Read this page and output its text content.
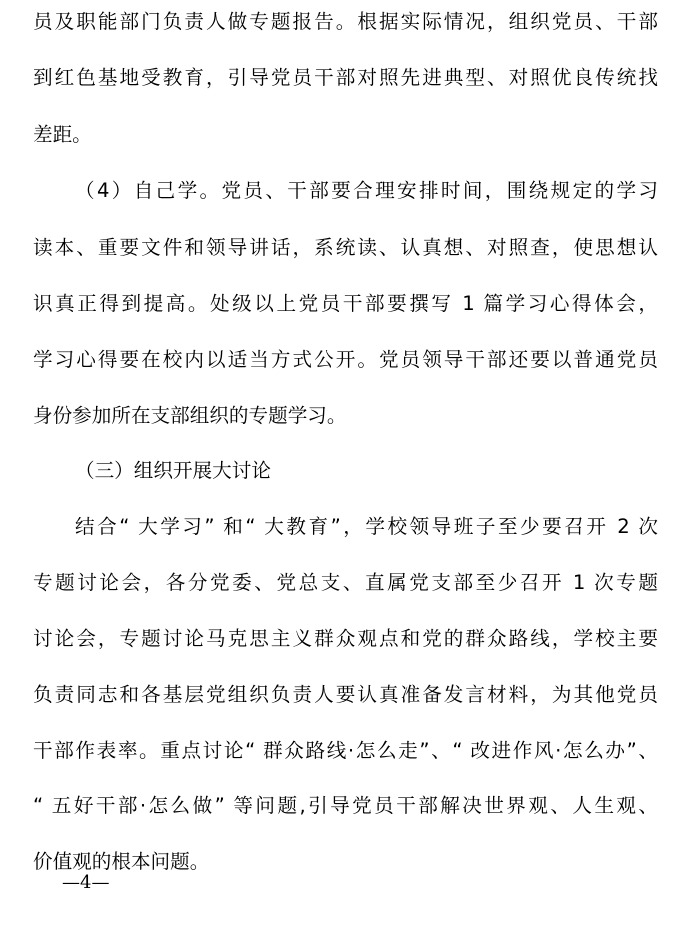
员及职能部门负责人做专题报告。根据实际情况，组织党员、干部
到红色基地受教育，引导党员干部对照先进典型、对照优良传统找
差距。
（4）自己学。党员、干部要合理安排时间，围绕规定的学习
读本、重要文件和领导讲话，系统读、认真想、对照查，使思想认
识真正得到提高。处级以上党员干部要撰写 1 篇学习心得体会，
学习心得要在校内以适当方式公开。党员领导干部还要以普通党员
身份参加所在支部组织的专题学习。
（三）组织开展大讨论
结合“ 大学习” 和“ 大教育”，学校领导班子至少要召开 2 次
专题讨论会，各分党委、党总支、直属党支部至少召开 1 次专题
讨论会，专题讨论马克思主义群众观点和党的群众路线，学校主要
负责同志和各基层党组织负责人要认真准备发言材料，为其他党员
干部作表率。重点讨论“ 群众路线·怎么走”、“ 改进作风·怎么办”、
“ 五好干部·怎么做” 等问题,引导党员干部解决世界观、人生观、
价值观的根本问题。
—4—
